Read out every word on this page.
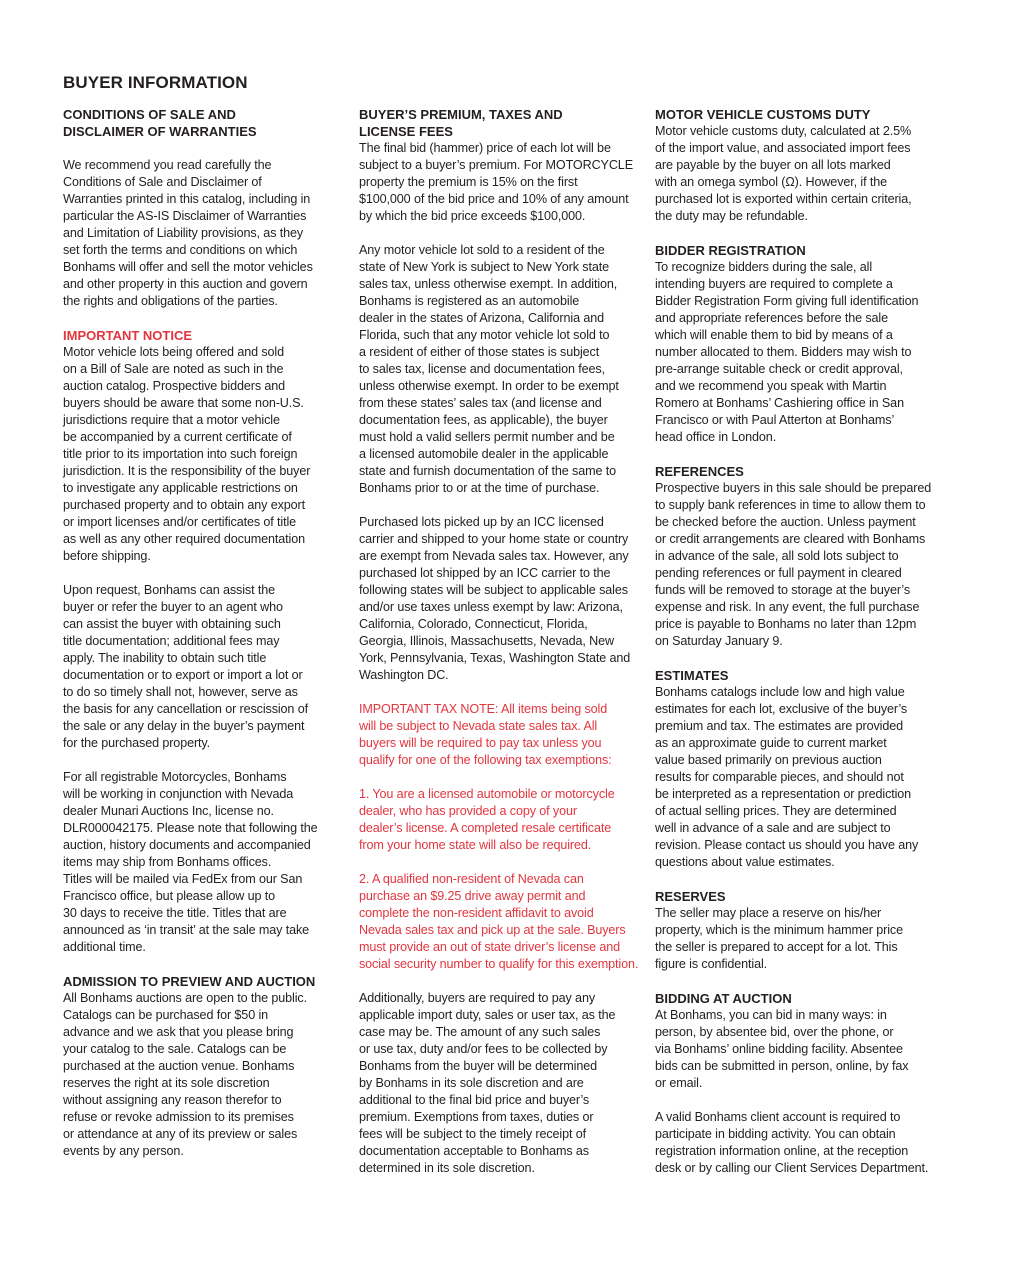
BUYER INFORMATION
CONDITIONS OF SALE AND
DISCLAIMER OF WARRANTIES

We recommend you read carefully the
Conditions of Sale and Disclaimer of
Warranties printed in this catalog, including in
particular the AS-IS Disclaimer of Warranties
and Limitation of Liability provisions, as they
set forth the terms and conditions on which
Bonhams will offer and sell the motor vehicles
and other property in this auction and govern
the rights and obligations of the parties.

IMPORTANT NOTICE

Motor vehicle lots being offered and sold
on a Bill of Sale are noted as such in the
auction catalog. Prospective bidders and
buyers should be aware that some non-U.S.
jurisdictions require that a motor vehicle
be accompanied by a current certificate of
title prior to its importation into such foreign
jurisdiction. It is the responsibility of the buyer
to investigate any applicable restrictions on
purchased property and to obtain any export
or import licenses and/or certificates of title
as well as any other required documentation
before shipping.

Upon request, Bonhams can assist the
buyer or refer the buyer to an agent who
can assist the buyer with obtaining such
title documentation; additional fees may
apply. The inability to obtain such title
documentation or to export or import a lot or
to do so timely shall not, however, serve as
the basis for any cancellation or rescission of
the sale or any delay in the buyer’s payment
for the purchased property.

For all registrable Motorcycles, Bonhams
will be working in conjunction with Nevada
dealer Munari Auctions Inc, license no.
DLR000042175. Please note that following the
auction, history documents and accompanied
items may ship from Bonhams offices.
Titles will be mailed via FedEx from our San
Francisco office, but please allow up to
30 days to receive the title. Titles that are
announced as ‘in transit’ at the sale may take
additional time.

ADMISSION TO PREVIEW AND AUCTION

All Bonhams auctions are open to the public.
Catalogs can be purchased for $50 in
advance and we ask that you please bring
your catalog to the sale. Catalogs can be
purchased at the auction venue. Bonhams
reserves the right at its sole discretion
without assigning any reason therefor to
refuse or revoke admission to its premises
or attendance at any of its preview or sales
events by any person.

BUYER’S PREMIUM, TAXES AND
LICENSE FEES

The final bid (hammer) price of each lot will be
subject to a buyer’s premium. For MOTORCYCLE
property the premium is 15% on the first
$100,000 of the bid price and 10% of any amount
by which the bid price exceeds $100,000.

Any motor vehicle lot sold to a resident of the
state of New York is subject to New York state
sales tax, unless otherwise exempt. In addition,
Bonhams is registered as an automobile
dealer in the states of Arizona, California and
Florida, such that any motor vehicle lot sold to
a resident of either of those states is subject
to sales tax, license and documentation fees,
unless otherwise exempt. In order to be exempt
from these states’ sales tax (and license and
documentation fees, as applicable), the buyer
must hold a valid sellers permit number and be
a licensed automobile dealer in the applicable
state and furnish documentation of the same to
Bonhams prior to or at the time of purchase.

Purchased lots picked up by an ICC licensed
carrier and shipped to your home state or country
are exempt from Nevada sales tax. However, any
purchased lot shipped by an ICC carrier to the
following states will be subject to applicable sales
and/or use taxes unless exempt by law: Arizona,
California, Colorado, Connecticut, Florida,
Georgia, Illinois, Massachusetts, Nevada, New
York, Pennsylvania, Texas, Washington State and
Washington DC.

IMPORTANT TAX NOTE: All items being sold
will be subject to Nevada state sales tax. All
buyers will be required to pay tax unless you
qualify for one of the following tax exemptions:

1. You are a licensed automobile or motorcycle
dealer, who has provided a copy of your
dealer’s license. A completed resale certificate
from your home state will also be required.

2. A qualified non-resident of Nevada can
purchase an $9.25 drive away permit and
complete the non-resident affidavit to avoid
Nevada sales tax and pick up at the sale. Buyers
must provide an out of state driver’s license and
social security number to qualify for this exemption.

Additionally, buyers are required to pay any
applicable import duty, sales or user tax, as the
case may be. The amount of any such sales
or use tax, duty and/or fees to be collected by
Bonhams from the buyer will be determined
by Bonhams in its sole discretion and are
additional to the final bid price and buyer’s
premium. Exemptions from taxes, duties or
fees will be subject to the timely receipt of
documentation acceptable to Bonhams as
determined in its sole discretion.

MOTOR VEHICLE CUSTOMS DUTY

Motor vehicle customs duty, calculated at 2.5%
of the import value, and associated import fees
are payable by the buyer on all lots marked
with an omega symbol (Ω). However, if the
purchased lot is exported within certain criteria,
the duty may be refundable.

BIDDER REGISTRATION

To recognize bidders during the sale, all
intending buyers are required to complete a
Bidder Registration Form giving full identification
and appropriate references before the sale
which will enable them to bid by means of a
number allocated to them. Bidders may wish to
pre-arrange suitable check or credit approval,
and we recommend you speak with Martin
Romero at Bonhams’ Cashiering office in San
Francisco or with Paul Atterton at Bonhams’
head office in London.

REFERENCES

Prospective buyers in this sale should be prepared
to supply bank references in time to allow them to
be checked before the auction. Unless payment
or credit arrangements are cleared with Bonhams
in advance of the sale, all sold lots subject to
pending references or full payment in cleared
funds will be removed to storage at the buyer’s
expense and risk. In any event, the full purchase
price is payable to Bonhams no later than 12pm
on Saturday January 9.

ESTIMATES

Bonhams catalogs include low and high value
estimates for each lot, exclusive of the buyer’s
premium and tax. The estimates are provided
as an approximate guide to current market
value based primarily on previous auction
results for comparable pieces, and should not
be interpreted as a representation or prediction
of actual selling prices. They are determined
well in advance of a sale and are subject to
revision. Please contact us should you have any
questions about value estimates.

RESERVES

The seller may place a reserve on his/her
property, which is the minimum hammer price
the seller is prepared to accept for a lot. This
figure is confidential.

BIDDING AT AUCTION

At Bonhams, you can bid in many ways: in
person, by absentee bid, over the phone, or
via Bonhams’ online bidding facility. Absentee
bids can be submitted in person, online, by fax
or email.

A valid Bonhams client account is required to
participate in bidding activity. You can obtain
registration information online, at the reception
desk or by calling our Client Services Department.
